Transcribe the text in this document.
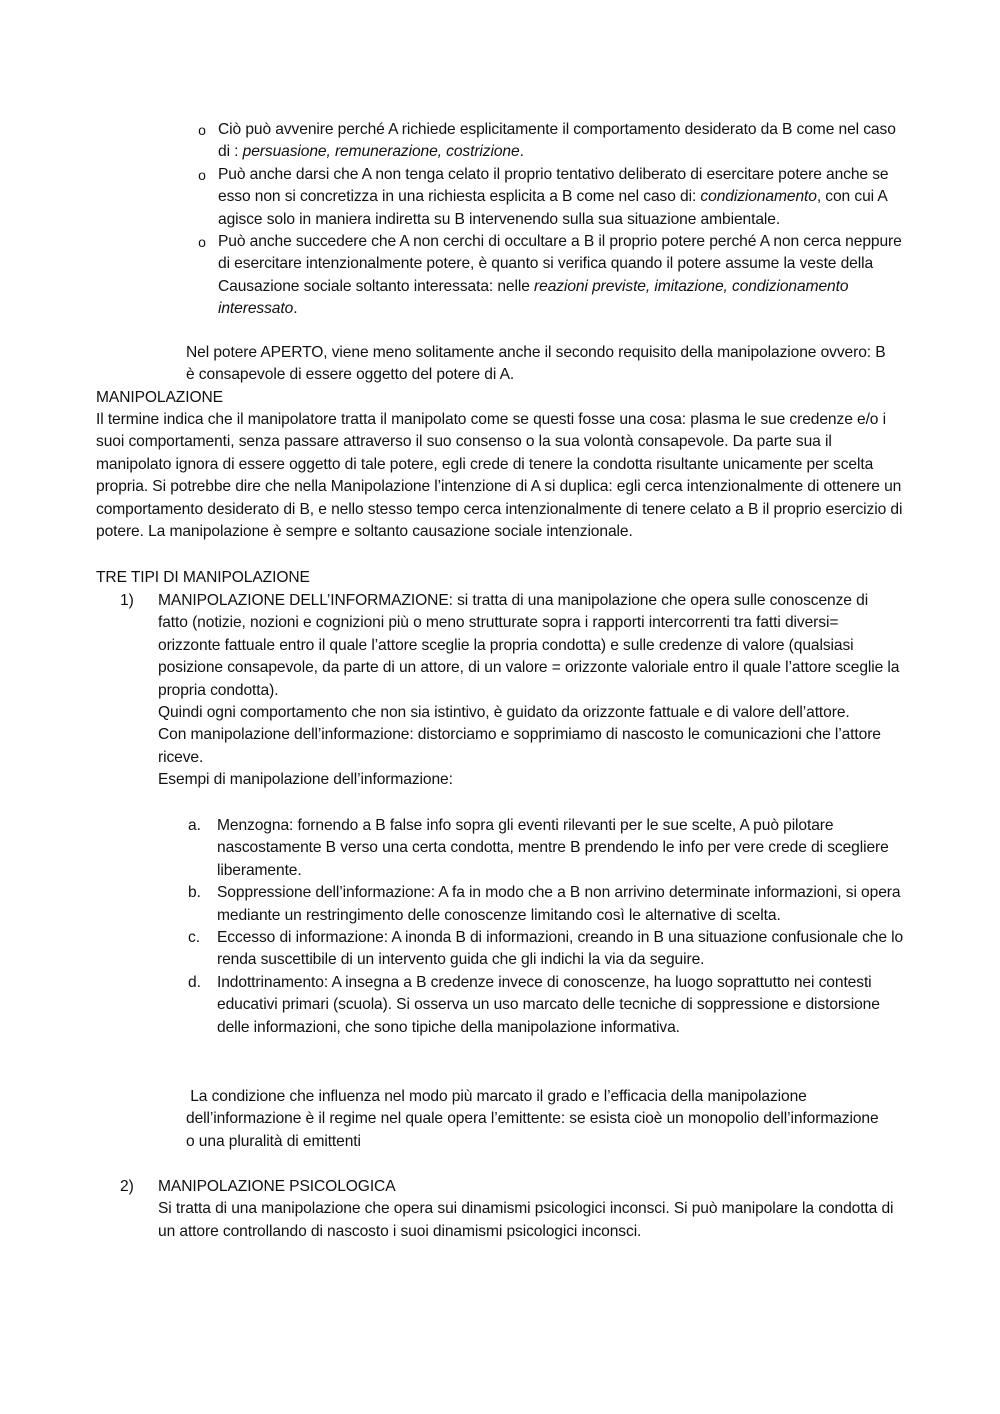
o Ciò può avvenire perché A richiede esplicitamente il comportamento desiderato da B come nel caso di : persuasione, remunerazione, costrizione.
o Può anche darsi che A non tenga celato il proprio tentativo deliberato di esercitare potere anche se esso non si concretizza in una richiesta esplicita a B come nel caso di: condizionamento, con cui A agisce solo in maniera indiretta su B intervenendo sulla sua situazione ambientale.
o Può anche succedere che A non cerchi di occultare a B il proprio potere perché A non cerca neppure di esercitare intenzionalmente potere, è quanto si verifica quando il potere assume la veste della Causazione sociale soltanto interessata: nelle reazioni previste, imitazione, condizionamento interessato.

Nel potere APERTO, viene meno solitamente anche il secondo requisito della manipolazione ovvero: B è consapevole di essere oggetto del potere di A.

MANIPOLAZIONE

Il termine indica che il manipolatore tratta il manipolato come se questi fosse una cosa: plasma le sue credenze e/o i suoi comportamenti, senza passare attraverso il suo consenso o la sua volontà consapevole. Da parte sua il manipolato ignora di essere oggetto di tale potere, egli crede di tenere la condotta risultante unicamente per scelta propria. Si potrebbe dire che nella Manipolazione l’intenzione di A si duplica: egli cerca intenzionalmente di ottenere un comportamento desiderato di B, e nello stesso tempo cerca intenzionalmente di tenere celato a B il proprio esercizio di potere. La manipolazione è sempre e soltanto causazione sociale intenzionale.

TRE TIPI DI MANIPOLAZIONE

1)	MANIPOLAZIONE DELL’INFORMAZIONE: si tratta di una manipolazione che opera sulle conoscenze di fatto (notizie, nozioni e cognizioni più o meno strutturate sopra i rapporti intercorrenti tra fatti diversi= orizzonte fattuale entro il quale l’attore sceglie la propria condotta) e sulle credenze di valore (qualsiasi posizione consapevole, da parte di un attore, di un valore = orizzonte valoriale entro il quale l’attore sceglie la propria condotta).

Quindi ogni comportamento che non sia istintivo, è guidato da orizzonte fattuale e di valore dell’attore.

Con manipolazione dell’informazione: distorciamo e sopprimiamo di nascosto le comunicazioni che l’attore riceve.

Esempi di manipolazione dell’informazione:

a.	Menzogna: fornendo a B false info sopra gli eventi rilevanti per le sue scelte, A può pilotare nascostamente B verso una certa condotta, mentre B prendendo le info per vere crede di scegliere liberamente.
b.	Soppressione dell’informazione: A fa in modo che a B non arrivino determinate informazioni, si opera mediante un restringimento delle conoscenze limitando così le alternative di scelta.
c.	Eccesso di informazione: A inonda B di informazioni, creando in B una situazione confusionale che lo renda suscettibile di un intervento guida che gli indichi la via da seguire.
d.	Indottrinamento: A insegna a B credenze invece di conoscenze, ha luogo soprattutto nei contesti educativi primari (scuola). Si osserva un uso marcato delle tecniche di soppressione e distorsione delle informazioni, che sono tipiche della manipolazione informativa.

La condizione che influenza nel modo più marcato il grado e l’efficacia della manipolazione dell’informazione è il regime nel quale opera l’emittente: se esista cioè un monopolio dell’informazione o una pluralità di emittenti

2)	MANIPOLAZIONE PSICOLOGICA

Si tratta di una manipolazione che opera sui dinamismi psicologici inconsci. Si può manipolare la condotta di un attore controllando di nascosto i suoi dinamismi psicologici inconsci.
